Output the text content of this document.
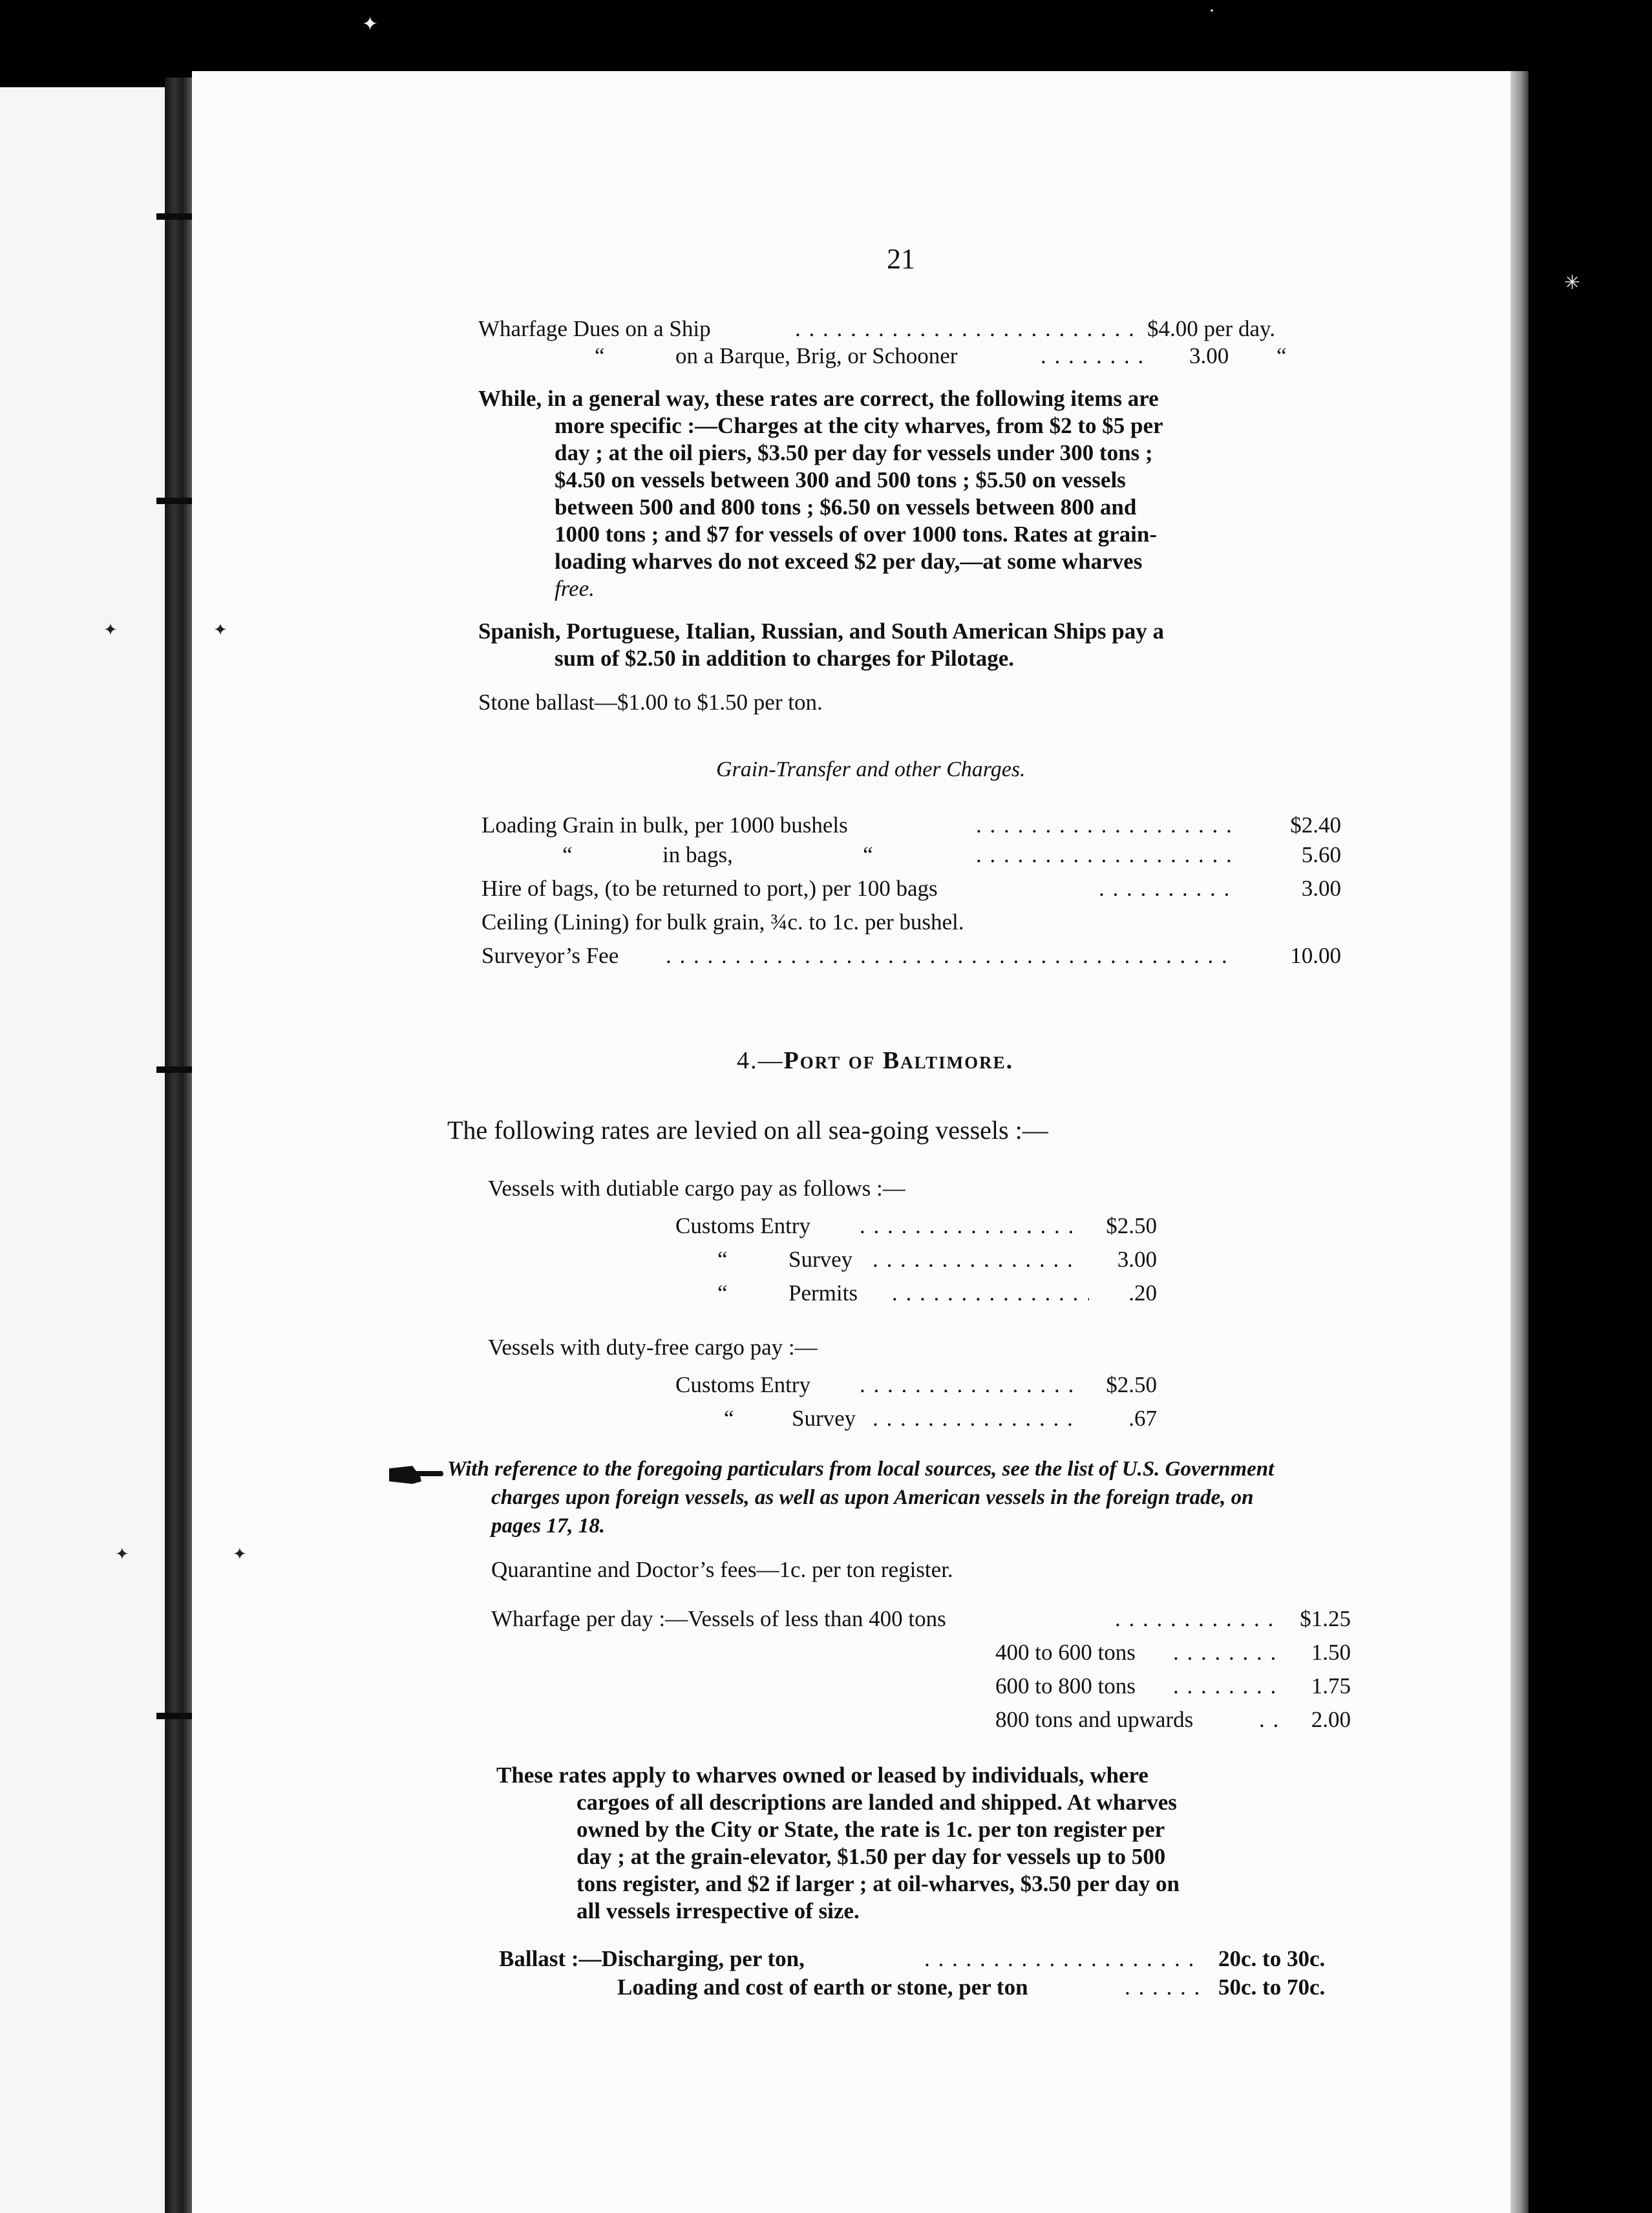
✦
·
✳
✦	✦
✦	✦
21
Wharfage Dues on a Ship . . .	$4.00 per day.
“	on a Barque, Brig, or Schooner . . .	3.00 “
While, in a general way, these rates are correct, the following items are
more specific :—Charges at the city wharves, from $2 to $5 per
day ; at the oil piers, $3.50 per day for vessels under 300 tons ;
$4.50 on vessels between 300 and 500 tons ; $5.50 on vessels
between 500 and 800 tons ; $6.50 on vessels between 800 and
1000 tons ; and $7 for vessels of over 1000 tons. Rates at grain-
loading wharves do not exceed $2 per day,—at some wharves
free.
Spanish, Portuguese, Italian, Russian, and South American Ships pay a
sum of $2.50 in addition to charges for Pilotage.
Stone ballast—$1.00 to $1.50 per ton.
Grain-Transfer and other Charges.
Loading Grain in bulk, per 1000 bushels . . .	$2.40
“	in bags,	“ . . .	5.60
Hire of bags, (to be returned to port,) per 100 bags . . .	3.00
Ceiling (Lining) for bulk grain, ¾c. to 1c. per bushel.
Surveyor’s Fee . . .	10.00
4.—Port of Baltimore.
The following rates are levied on all sea-going vessels :—
Vessels with dutiable cargo pay as follows :—
Customs Entry . . .	$2.50
“	Survey . . .	3.00
“	Permits . . .	.20
Vessels with duty-free cargo pay :—
Customs Entry . . .	$2.50
“	Survey . . .	.67
With reference to the foregoing particulars from local sources, see the list of U.S. Government
charges upon foreign vessels, as well as upon American vessels in the foreign trade, on
pages 17, 18.
Quarantine and Doctor’s fees—1c. per ton register.
Wharfage per day :—Vessels of less than 400 tons . . .	$1.25
400 to 600 tons . . .	1.50
600 to 800 tons . . .	1.75
800 tons and upwards . . .	2.00
These rates apply to wharves owned or leased by individuals, where
cargoes of all descriptions are landed and shipped. At wharves
owned by the City or State, the rate is 1c. per ton register per
day ; at the grain-elevator, $1.50 per day for vessels up to 500
tons register, and $2 if larger ; at oil-wharves, $3.50 per day on
all vessels irrespective of size.
Ballast :—Discharging, per ton, . . .	20c. to 30c.
Loading and cost of earth or stone, per ton . . .	50c. to 70c.
